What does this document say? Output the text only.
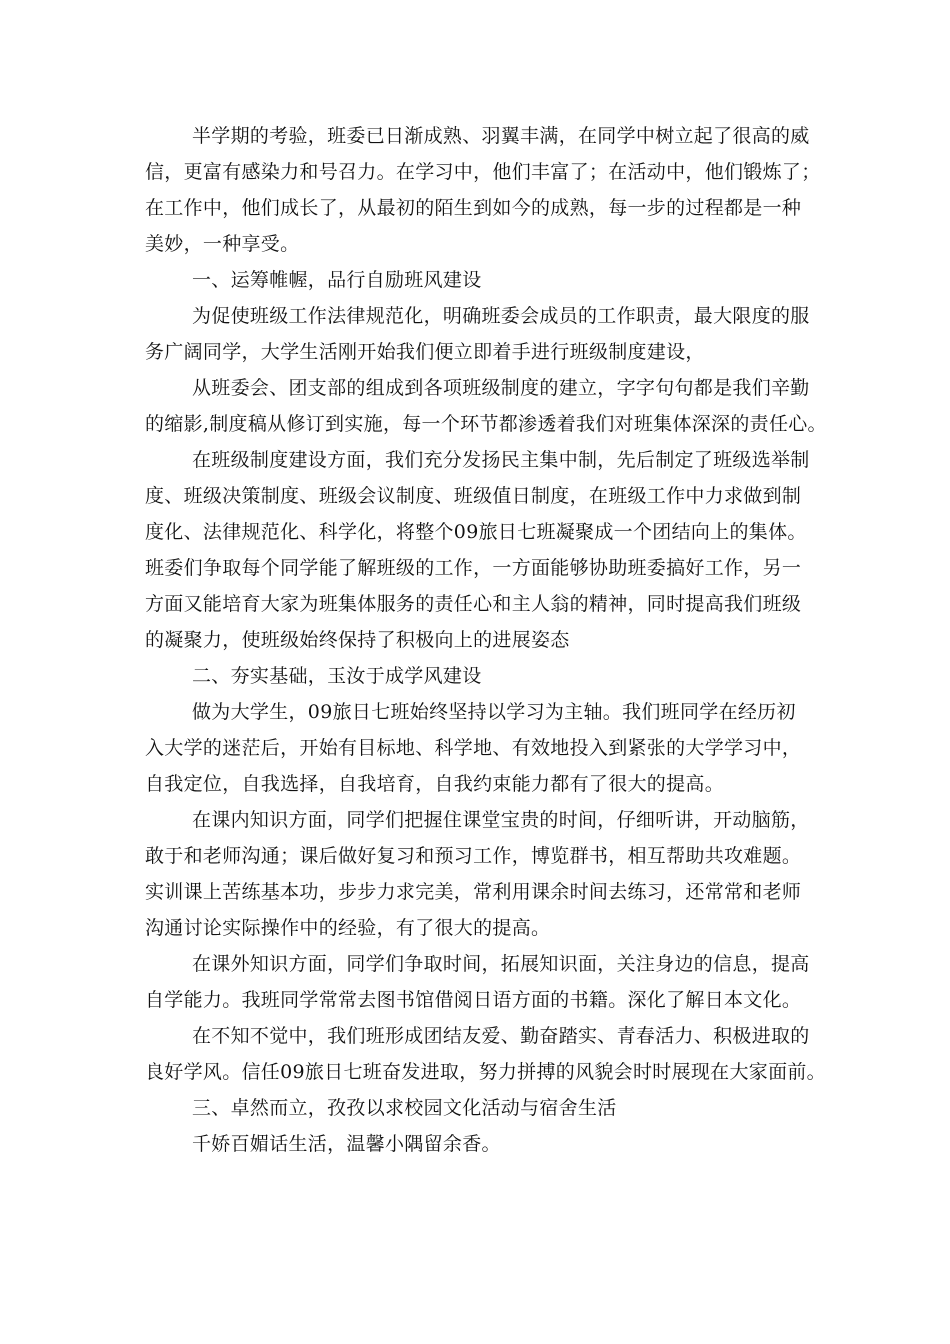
半学期的考验，班委已日渐成熟、羽翼丰满，在同学中树立起了很高的威
信，更富有感染力和号召力。在学习中，他们丰富了；在活动中，他们锻炼了；
在工作中，他们成长了，从最初的陌生到如今的成熟，每一步的过程都是一种
美妙，一种享受。
一、运筹帷幄，品行自励班风建设
为促使班级工作法律规范化，明确班委会成员的工作职责，最大限度的服
务广阔同学，大学生活刚开始我们便立即着手进行班级制度建设，
从班委会、团支部的组成到各项班级制度的建立，字字句句都是我们辛勤
的缩影,制度稿从修订到实施，每一个环节都渗透着我们对班集体深深的责任心。
在班级制度建设方面，我们充分发扬民主集中制，先后制定了班级选举制
度、班级决策制度、班级会议制度、班级值日制度，在班级工作中力求做到制
度化、法律规范化、科学化，将整个09旅日七班凝聚成一个团结向上的集体。
班委们争取每个同学能了解班级的工作，一方面能够协助班委搞好工作，另一
方面又能培育大家为班集体服务的责任心和主人翁的精神，同时提高我们班级
的凝聚力，使班级始终保持了积极向上的进展姿态
二、夯实基础，玉汝于成学风建设
做为大学生，09旅日七班始终坚持以学习为主轴。我们班同学在经历初
入大学的迷茫后，开始有目标地、科学地、有效地投入到紧张的大学学习中，
自我定位，自我选择，自我培育，自我约束能力都有了很大的提高。
在课内知识方面，同学们把握住课堂宝贵的时间，仔细听讲，开动脑筋，
敢于和老师沟通；课后做好复习和预习工作，博览群书，相互帮助共攻难题。
实训课上苦练基本功，步步力求完美，常利用课余时间去练习，还常常和老师
沟通讨论实际操作中的经验，有了很大的提高。
在课外知识方面，同学们争取时间，拓展知识面，关注身边的信息，提高
自学能力。我班同学常常去图书馆借阅日语方面的书籍。深化了解日本文化。
在不知不觉中，我们班形成团结友爱、勤奋踏实、青春活力、积极进取的
良好学风。信任09旅日七班奋发进取，努力拼搏的风貌会时时展现在大家面前。
三、卓然而立，孜孜以求校园文化活动与宿舍生活
千娇百媚话生活，温馨小隅留余香。
